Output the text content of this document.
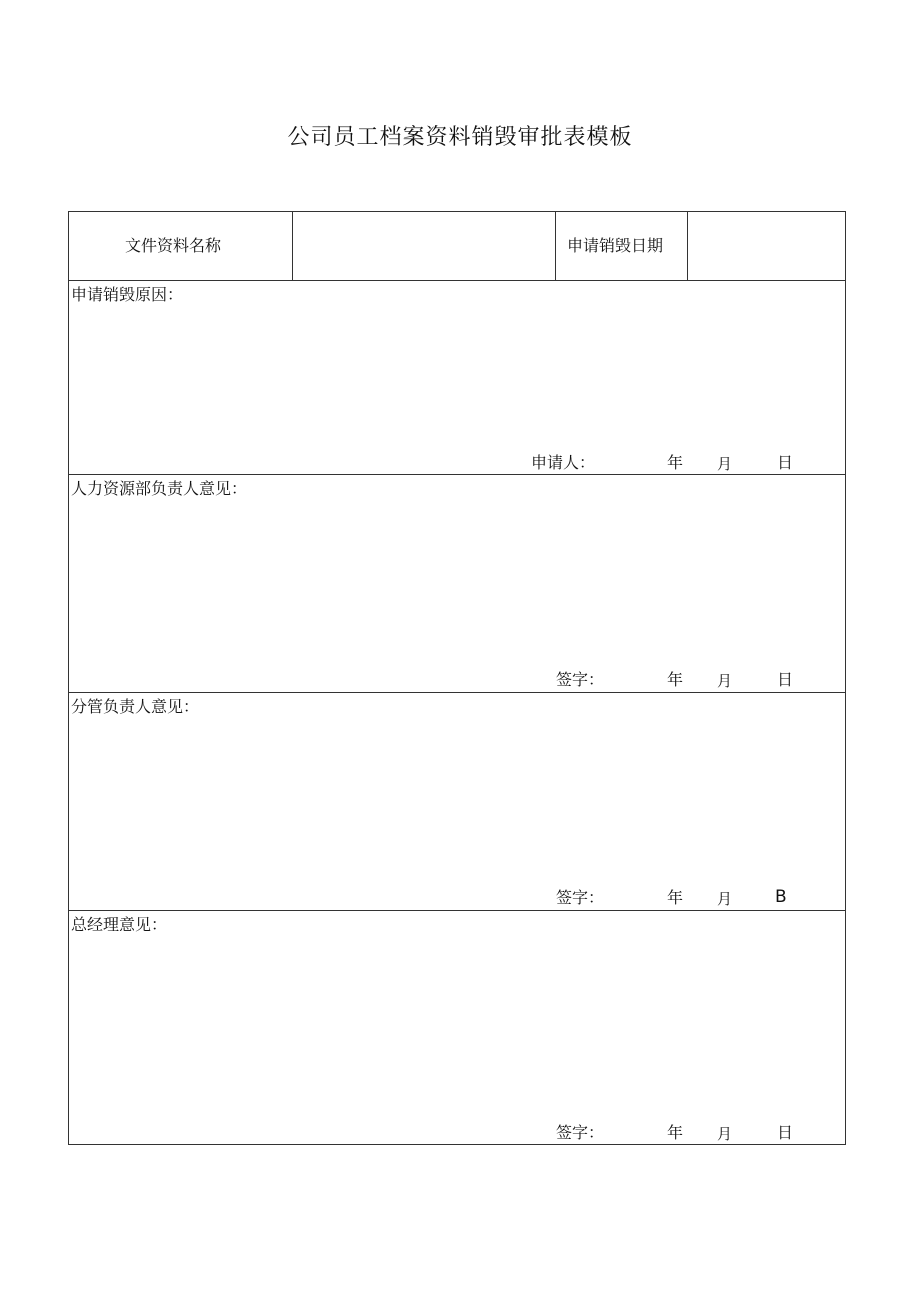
公司员工档案资料销毁审批表模板
文件资料名称	申请销毁日期
申请销毁原因：
申请人：	年 月	日
人力资源部负责人意见：
签字：	年 月	日
分管负责人意见：
签字：	年 月	B
总经理意见：
签字：	年 月	日
